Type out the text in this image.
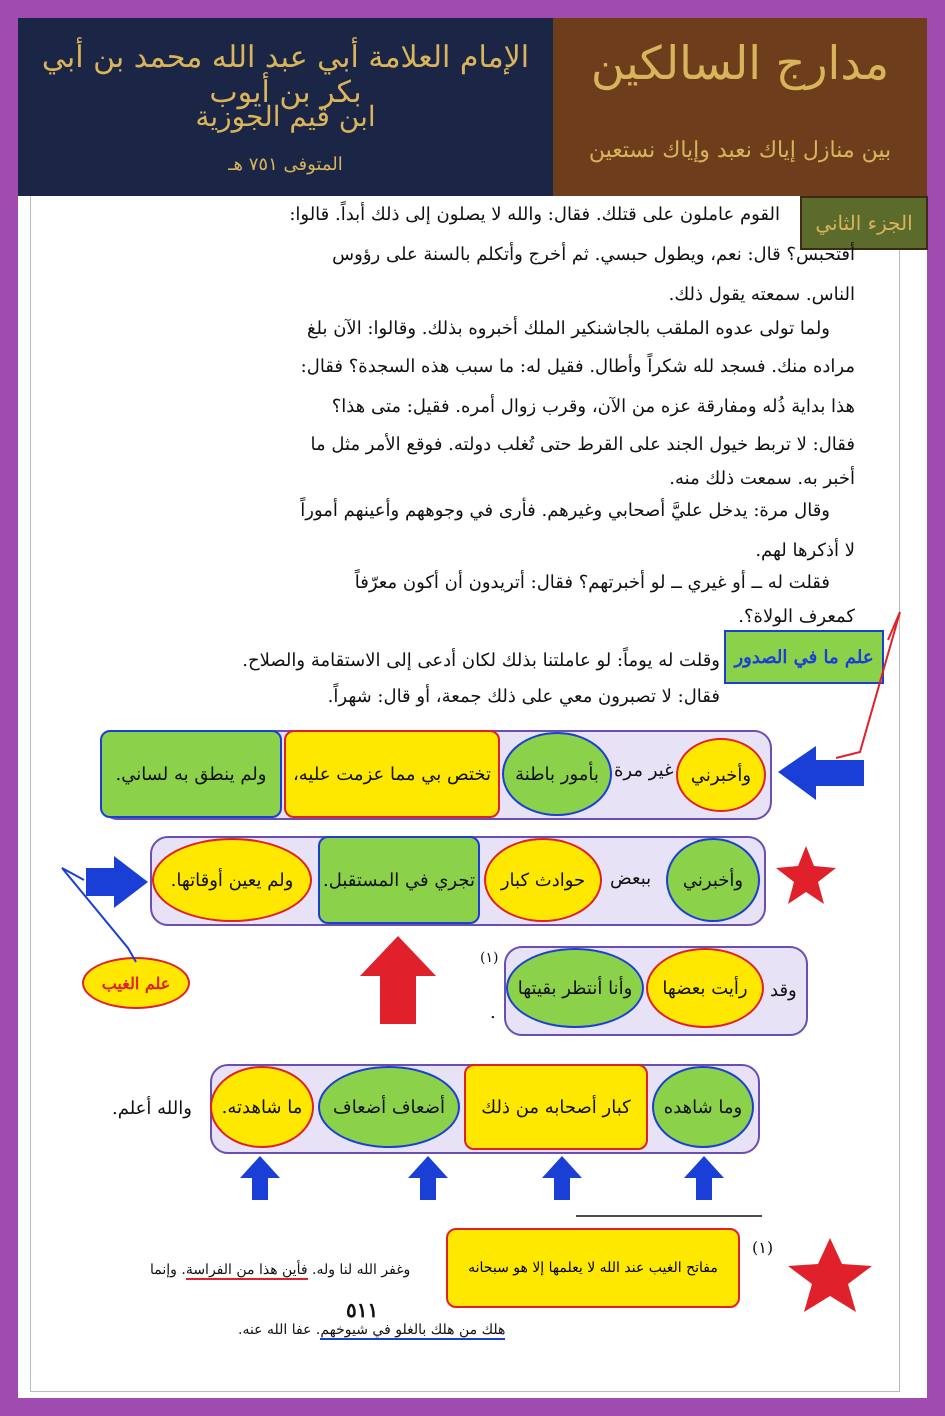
الإمام العلامة أبي عبد الله محمد بن أبي بكر بن أيوب
ابن قيم الجوزية
المتوفى ٧٥١ هـ
مدارج السالكين
بين منازل إياك نعبد وإياك نستعين
الجزء الثاني
القوم عاملون على قتلك. فقال: والله لا يصلون إلى ذلك أبداً. قالوا:
أفتحبس؟ قال: نعم، ويطول حبسي. ثم أخرج وأتكلم بالسنة على رؤوس
الناس. سمعته يقول ذلك.
ولما تولى عدوه الملقب بالجاشنكير الملك أخبروه بذلك. وقالوا: الآن بلغ
مراده منك. فسجد لله شكراً وأطال. فقيل له: ما سبب هذه السجدة؟ فقال:
هذا بداية ذُله ومفارقة عزه من الآن، وقرب زوال أمره. فقيل: متى هذا؟
فقال: لا تربط خيول الجند على القرط حتى تُغلب دولته. فوقع الأمر مثل ما
أخبر به. سمعت ذلك منه.
وقال مرة: يدخل عليَّ أصحابي وغيرهم. فأرى في وجوههم وأعينهم أموراً
لا أذكرها لهم.
فقلت له ــ أو غيري ــ لو أخبرتهم؟ فقال: أتريدون أن أكون معرّفاً
كمعرف الولاة؟.
وقلت له يوماً: لو عاملتنا بذلك لكان أدعى إلى الاستقامة والصلاح.
فقال: لا تصبرون معي على ذلك جمعة، أو قال: شهراً.
علم ما في الصدور
وأخبرني
غير مرة
بأمور باطنة
تختص بي مما عزمت عليه،
ولم ينطق به لساني.
وأخبرني
ببعض
حوادث كبار
تجري في المستقبل.
ولم يعين أوقاتها.
علم الغيب	وقد
رأيت بعضها
وأنا أنتظر بقيتها
.
(١)
وما شاهده
كبار أصحابه من ذلك
أضعاف أضعاف
ما شاهدته.
والله أعلم.
(١)
مفاتح الغيب عند الله لا يعلمها إلا هو سبحانه
وغفر الله لنا وله. فأين هذا من الفراسة. وإنما
هلك من هلك بالغلو في شيوخهم. عفا الله عنه.
٥١١
